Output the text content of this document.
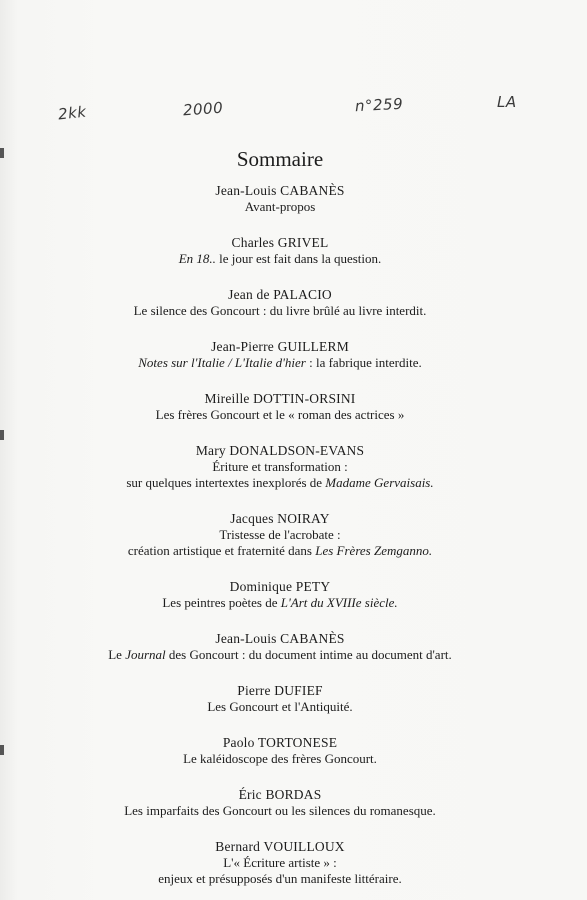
2kk	2000	n°259	LA
Sommaire
Jean-Louis CABANÈS
Avant-propos
Charles GRIVEL
En 18.. le jour est fait dans la question.
Jean de PALACIO
Le silence des Goncourt : du livre brûlé au livre interdit.
Jean-Pierre GUILLERM
Notes sur l'Italie / L'Italie d'hier : la fabrique interdite.
Mireille DOTTIN-ORSINI
Les frères Goncourt et le « roman des actrices »
Mary DONALDSON-EVANS
Ériture et transformation :
sur quelques intertextes inexplorés de Madame Gervaisais.
Jacques NOIRAY
Tristesse de l'acrobate :
création artistique et fraternité dans Les Frères Zemganno.
Dominique PETY
Les peintres poètes de L'Art du XVIIIe siècle.
Jean-Louis CABANÈS
Le Journal des Goncourt : du document intime au document d'art.
Pierre DUFIEF
Les Goncourt et l'Antiquité.
Paolo TORTONESE
Le kaléidoscope des frères Goncourt.
Éric BORDAS
Les imparfaits des Goncourt ou les silences du romanesque.
Bernard VOUILLOUX
L'« Écriture artiste » :
enjeux et présupposés d'un manifeste littéraire.
